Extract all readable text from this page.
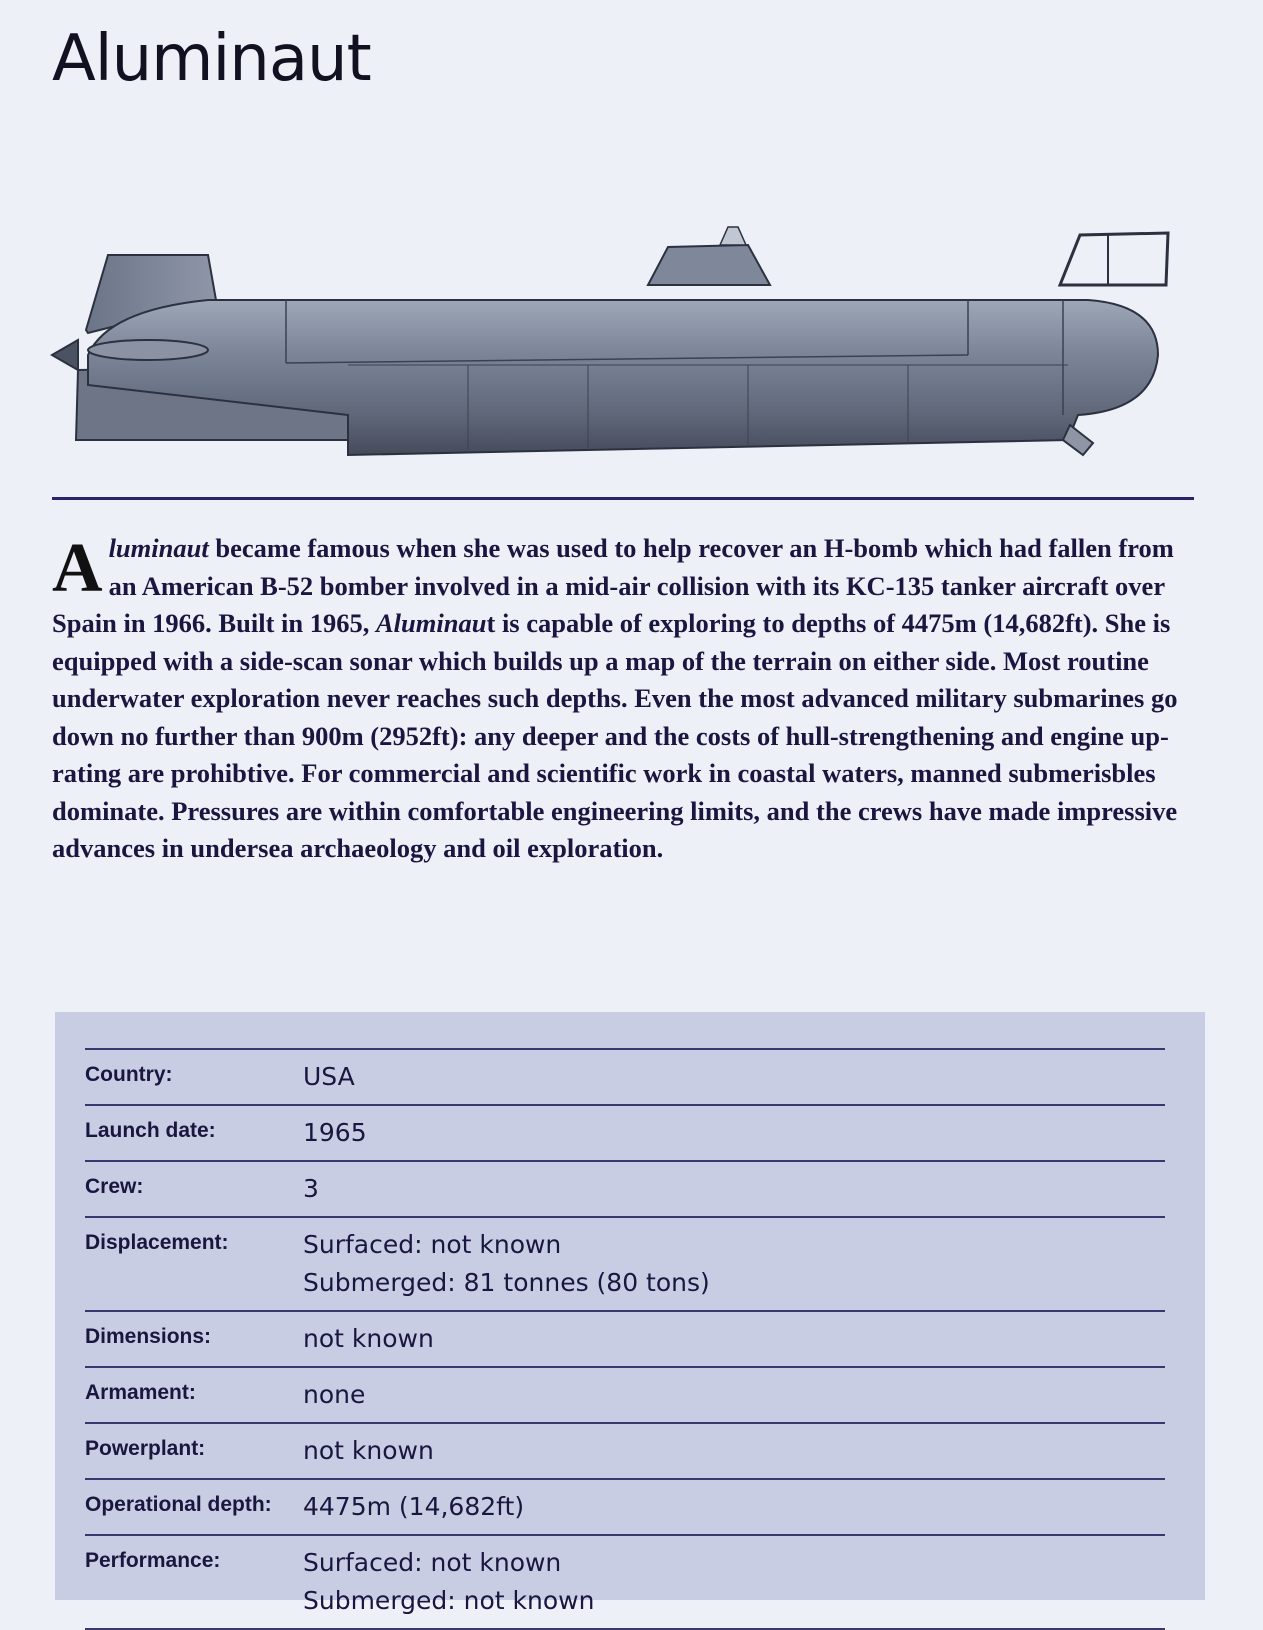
Aluminaut

Aluminaut became famous when she was used to help recover an H-bomb which had fallen from an American B-52 bomber involved in a mid-air collision with its KC-135 tanker aircraft over Spain in 1966. Built in 1965, Aluminaut is capable of exploring to depths of 4475m (14,682ft). She is equipped with a side-scan sonar which builds up a map of the terrain on either side. Most routine underwater exploration never reaches such depths. Even the most advanced military submarines go down no further than 900m (2952ft): any deeper and the costs of hull-strengthening and engine up-rating are prohibtive. For commercial and scientific work in coastal waters, manned submerisbles dominate. Pressures are within comfortable engineering limits, and the crews have made impressive advances in undersea archaeology and oil exploration.

Country:	USA
Launch date:	1965
Crew:	3
Displacement:	Surfaced: not known
Submerged: 81 tonnes (80 tons)
Dimensions:	not known
Armament:	none
Powerplant:	not known
Operational depth:	4475m (14,682ft)
Performance:	Surfaced: not known
Submerged: not known
